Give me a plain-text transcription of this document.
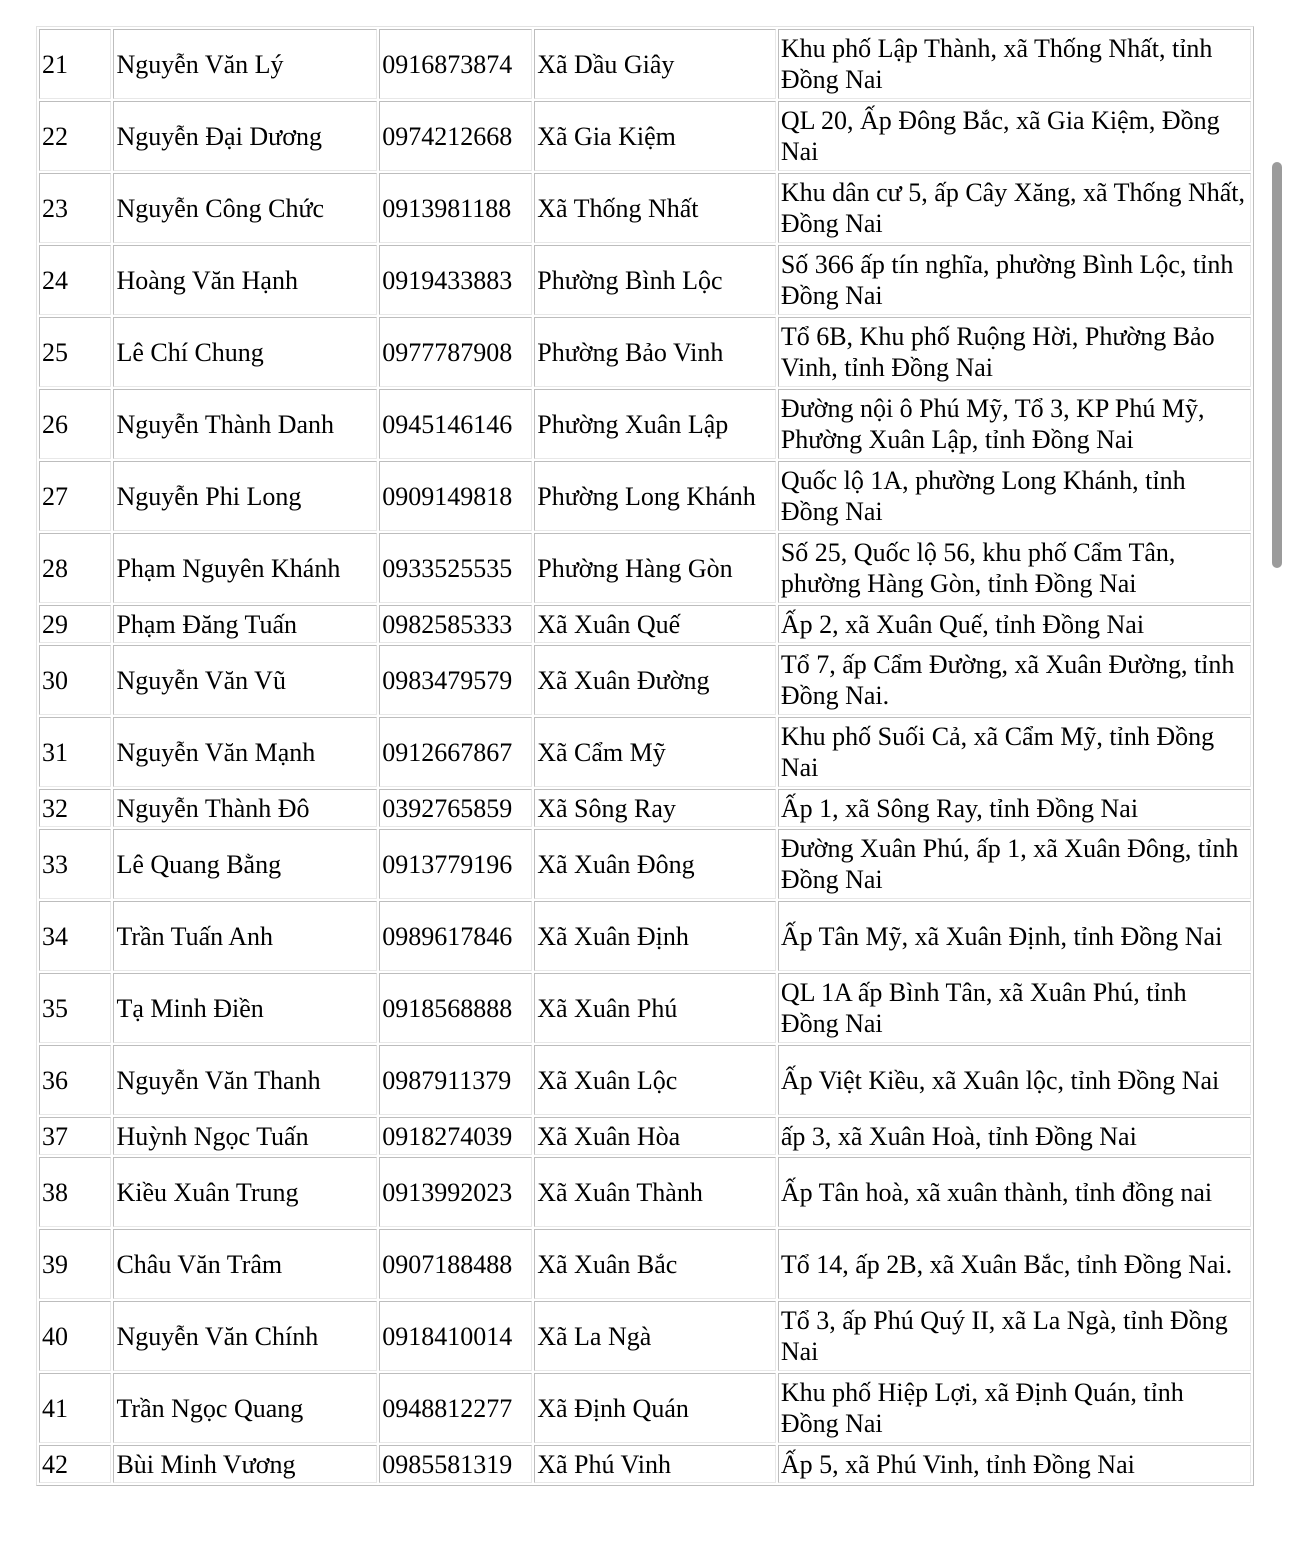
21	Nguyễn Văn Lý	0916873874	Xã Dầu Giây	Khu phố Lập Thành, xã Thống Nhất, tỉnh Đồng Nai
22	Nguyễn Đại Dương	0974212668	Xã Gia Kiệm	QL 20, Ấp Đông Bắc, xã Gia Kiệm, Đồng Nai
23	Nguyễn Công Chức	0913981188	Xã Thống Nhất	Khu dân cư 5, ấp Cây Xăng, xã Thống Nhất, Đồng Nai
24	Hoàng Văn Hạnh	0919433883	Phường Bình Lộc	Số 366 ấp tín nghĩa, phường Bình Lộc, tỉnh Đồng Nai
25	Lê Chí Chung	0977787908	Phường Bảo Vinh	Tổ 6B, Khu phố Ruộng Hời, Phường Bảo Vinh, tỉnh Đồng Nai
26	Nguyễn Thành Danh	0945146146	Phường Xuân Lập	Đường nội ô Phú Mỹ, Tổ 3, KP Phú Mỹ, Phường Xuân Lập, tỉnh Đồng Nai
27	Nguyễn Phi Long	0909149818	Phường Long Khánh	Quốc lộ 1A, phường Long Khánh, tỉnh Đồng Nai
28	Phạm Nguyên Khánh	0933525535	Phường Hàng Gòn	Số 25, Quốc lộ 56, khu phố Cẩm Tân, phường Hàng Gòn, tỉnh Đồng Nai
29	Phạm Đăng Tuấn	0982585333	Xã Xuân Quế	Ấp 2, xã Xuân Quế, tỉnh Đồng Nai
30	Nguyễn Văn Vũ	0983479579	Xã Xuân Đường	Tổ 7, ấp Cẩm Đường, xã Xuân Đường, tỉnh Đồng Nai.
31	Nguyễn Văn Mạnh	0912667867	Xã Cẩm Mỹ	Khu phố Suối Cả, xã Cẩm Mỹ, tỉnh Đồng Nai
32	Nguyễn Thành Đô	0392765859	Xã Sông Ray	Ấp 1, xã Sông Ray, tỉnh Đồng Nai
33	Lê Quang Bằng	0913779196	Xã Xuân Đông	Đường Xuân Phú, ấp 1, xã Xuân Đông, tỉnh Đồng Nai
34	Trần Tuấn Anh	0989617846	Xã Xuân Định	Ấp Tân Mỹ, xã Xuân Định, tỉnh Đồng Nai
35	Tạ Minh Điền	0918568888	Xã Xuân Phú	QL 1A ấp Bình Tân, xã Xuân Phú, tỉnh Đồng Nai
36	Nguyễn Văn Thanh	0987911379	Xã Xuân Lộc	Ấp Việt Kiều, xã Xuân lộc, tỉnh Đồng Nai
37	Huỳnh Ngọc Tuấn	0918274039	Xã Xuân Hòa	ấp 3, xã Xuân Hoà, tỉnh Đồng Nai
38	Kiều Xuân Trung	0913992023	Xã Xuân Thành	Ấp Tân hoà, xã xuân thành, tỉnh đồng nai
39	Châu Văn Trâm	0907188488	Xã Xuân Bắc	Tổ 14, ấp 2B, xã Xuân Bắc, tỉnh Đồng Nai.
40	Nguyễn Văn Chính	0918410014	Xã La Ngà	Tổ 3, ấp Phú Quý II, xã La Ngà, tỉnh Đồng Nai
41	Trần Ngọc Quang	0948812277	Xã Định Quán	Khu phố Hiệp Lợi, xã Định Quán, tỉnh Đồng Nai
42	Bùi Minh Vương	0985581319	Xã Phú Vinh	Ấp 5, xã Phú Vinh, tỉnh Đồng Nai
